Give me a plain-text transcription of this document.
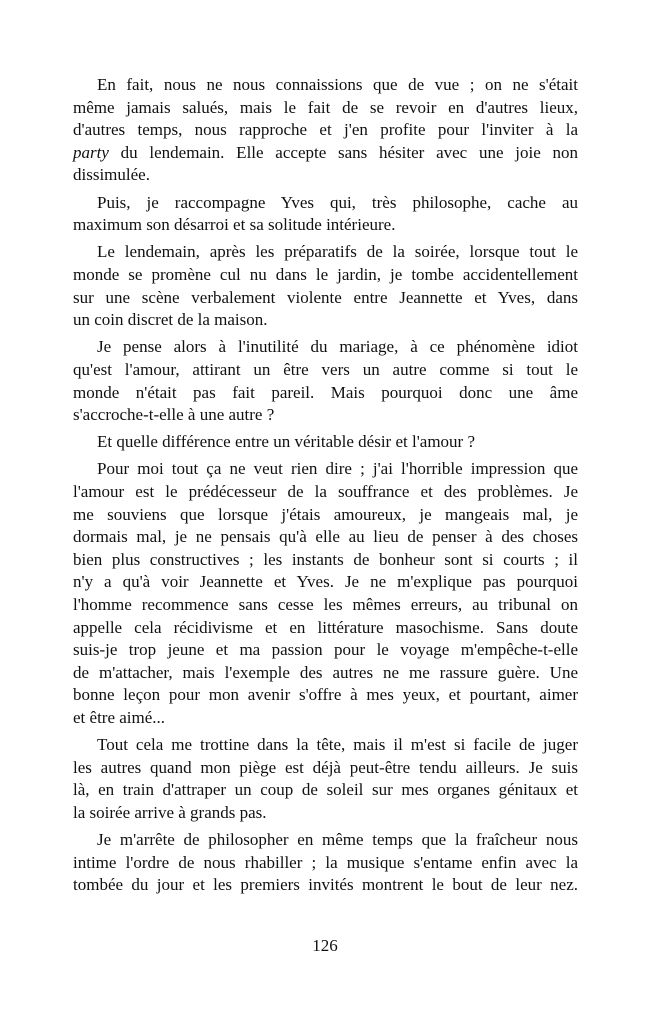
En fait, nous ne nous connaissions que de vue ; on ne s'était
même jamais salués, mais le fait de se revoir en d'autres lieux,
d'autres temps, nous rapproche et j'en profite pour l'inviter à la
party du lendemain. Elle accepte sans hésiter avec une joie non
dissimulée.
Puis, je raccompagne Yves qui, très philosophe, cache au
maximum son désarroi et sa solitude intérieure.
Le lendemain, après les préparatifs de la soirée, lorsque tout le
monde se promène cul nu dans le jardin, je tombe accidentellement
sur une scène verbalement violente entre Jeannette et Yves, dans
un coin discret de la maison.
Je pense alors à l'inutilité du mariage, à ce phénomène idiot
qu'est l'amour, attirant un être vers un autre comme si tout le
monde n'était pas fait pareil. Mais pourquoi donc une âme
s'accroche-t-elle à une autre ?
Et quelle différence entre un véritable désir et l'amour ?
Pour moi tout ça ne veut rien dire ; j'ai l'horrible impression que
l'amour est le prédécesseur de la souffrance et des problèmes. Je
me souviens que lorsque j'étais amoureux, je mangeais mal, je
dormais mal, je ne pensais qu'à elle au lieu de penser à des choses
bien plus constructives ; les instants de bonheur sont si courts ; il
n'y a qu'à voir Jeannette et Yves. Je ne m'explique pas pourquoi
l'homme recommence sans cesse les mêmes erreurs, au tribunal on
appelle cela récidivisme et en littérature masochisme. Sans doute
suis-je trop jeune et ma passion pour le voyage m'empêche-t-elle
de m'attacher, mais l'exemple des autres ne me rassure guère. Une
bonne leçon pour mon avenir s'offre à mes yeux, et pourtant, aimer
et être aimé...
Tout cela me trottine dans la tête, mais il m'est si facile de juger
les autres quand mon piège est déjà peut-être tendu ailleurs. Je suis
là, en train d'attraper un coup de soleil sur mes organes génitaux et
la soirée arrive à grands pas.
Je m'arrête de philosopher en même temps que la fraîcheur nous
intime l'ordre de nous rhabiller ; la musique s'entame enfin avec la
tombée du jour et les premiers invités montrent le bout de leur nez.
126
